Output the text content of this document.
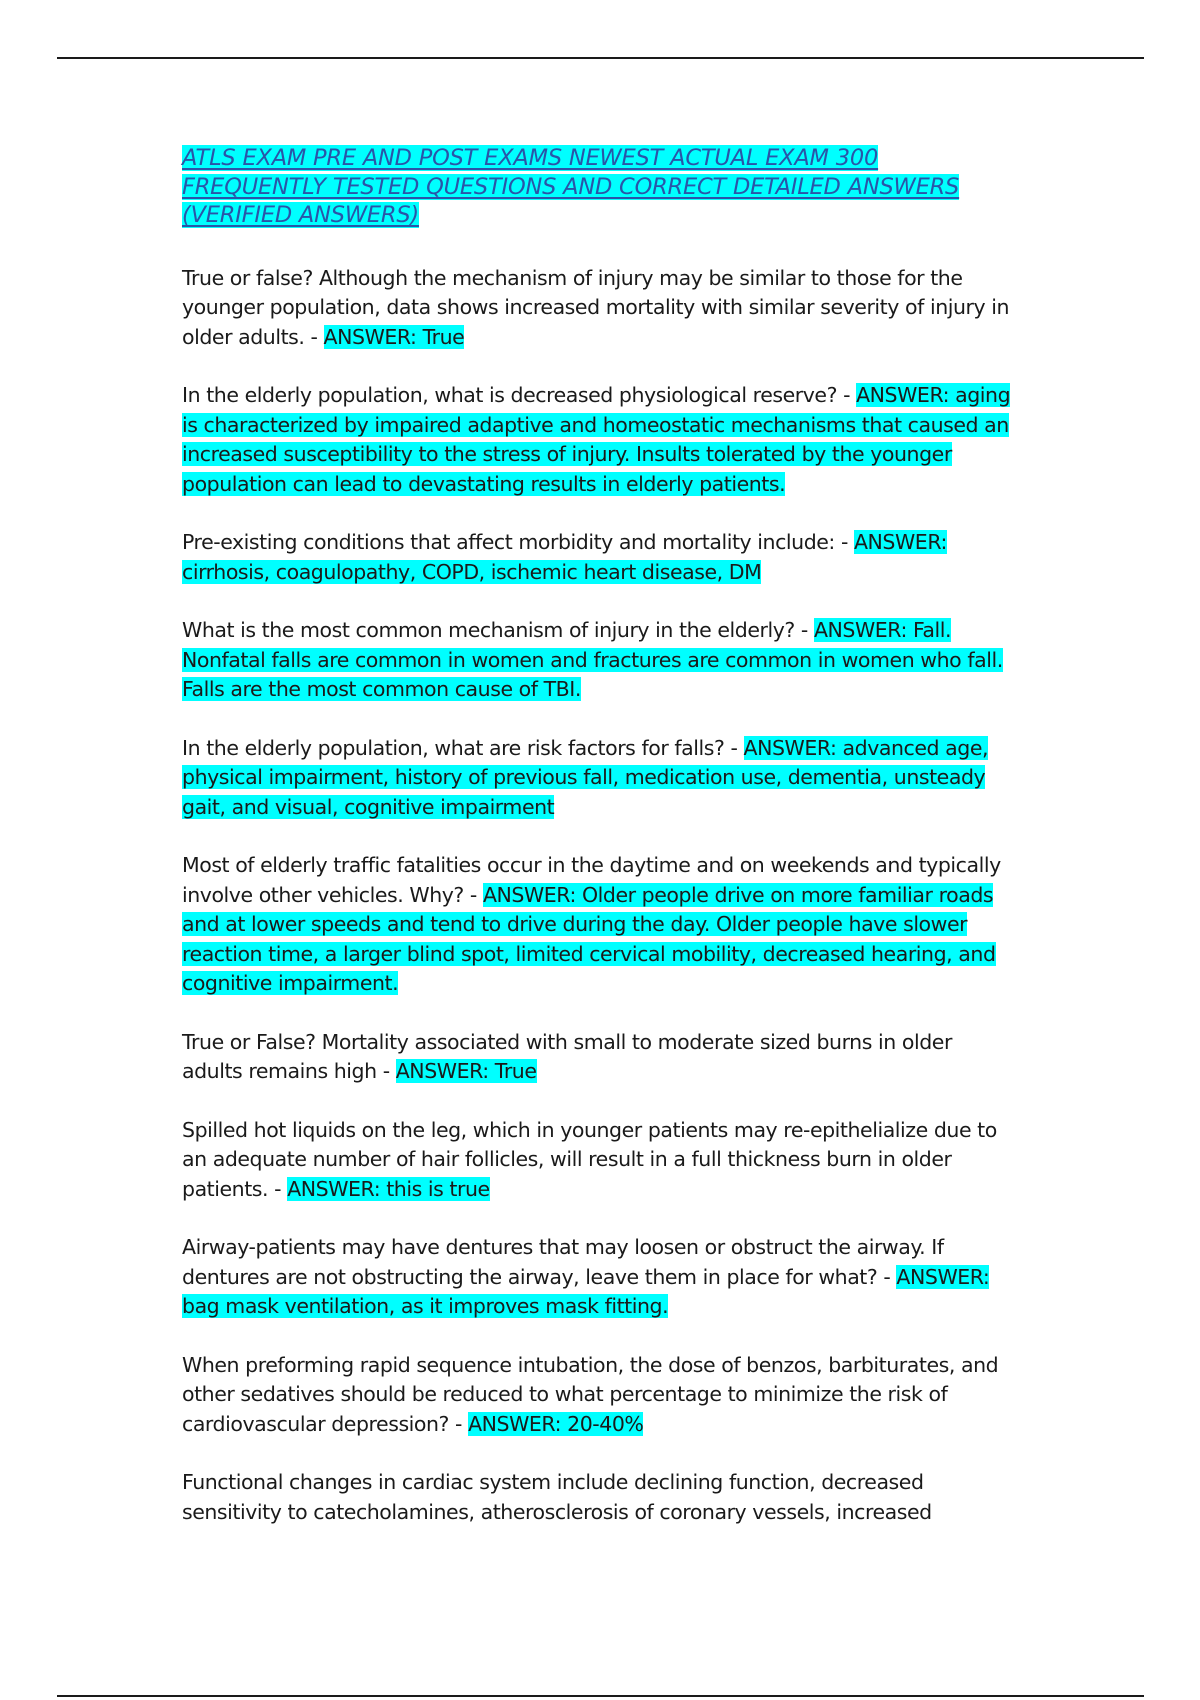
ATLS EXAM PRE AND POST EXAMS NEWEST ACTUAL EXAM 300 FREQUENTLY TESTED QUESTIONS AND CORRECT DETAILED ANSWERS (VERIFIED ANSWERS)

True or false? Although the mechanism of injury may be similar to those for the younger population, data shows increased mortality with similar severity of injury in older adults. - ANSWER: True

In the elderly population, what is decreased physiological reserve? - ANSWER: aging is characterized by impaired adaptive and homeostatic mechanisms that caused an increased susceptibility to the stress of injury. Insults tolerated by the younger population can lead to devastating results in elderly patients.

Pre-existing conditions that affect morbidity and mortality include: - ANSWER: cirrhosis, coagulopathy, COPD, ischemic heart disease, DM

What is the most common mechanism of injury in the elderly? - ANSWER: Fall. Nonfatal falls are common in women and fractures are common in women who fall. Falls are the most common cause of TBI.

In the elderly population, what are risk factors for falls? - ANSWER: advanced age, physical impairment, history of previous fall, medication use, dementia, unsteady gait, and visual, cognitive impairment

Most of elderly traffic fatalities occur in the daytime and on weekends and typically involve other vehicles. Why? - ANSWER: Older people drive on more familiar roads and at lower speeds and tend to drive during the day. Older people have slower reaction time, a larger blind spot, limited cervical mobility, decreased hearing, and cognitive impairment.

True or False? Mortality associated with small to moderate sized burns in older adults remains high - ANSWER: True

Spilled hot liquids on the leg, which in younger patients may re-epithelialize due to an adequate number of hair follicles, will result in a full thickness burn in older patients. - ANSWER: this is true

Airway-patients may have dentures that may loosen or obstruct the airway. If dentures are not obstructing the airway, leave them in place for what? - ANSWER: bag mask ventilation, as it improves mask fitting.

When preforming rapid sequence intubation, the dose of benzos, barbiturates, and other sedatives should be reduced to what percentage to minimize the risk of cardiovascular depression? - ANSWER: 20-40%

Functional changes in cardiac system include declining function, decreased sensitivity to catecholamines, atherosclerosis of coronary vessels, increased
